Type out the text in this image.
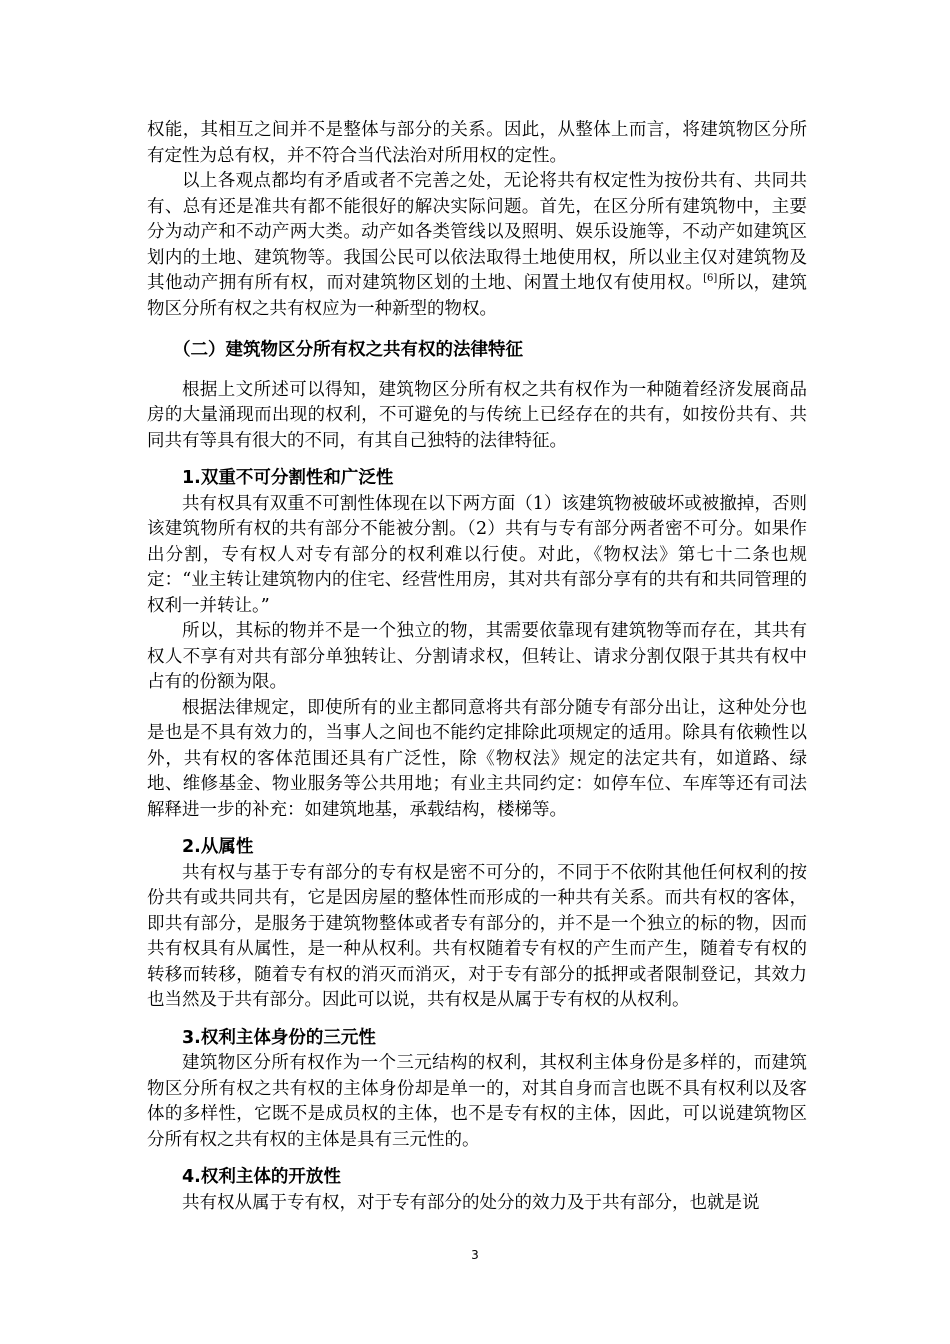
权能，其相互之间并不是整体与部分的关系。因此，从整体上而言，将建筑物区分所有定性为总有权，并不符合当代法治对所用权的定性。

以上各观点都均有矛盾或者不完善之处，无论将共有权定性为按份共有、共同共有、总有还是准共有都不能很好的解决实际问题。首先，在区分所有建筑物中，主要分为动产和不动产两大类。动产如各类管线以及照明、娱乐设施等，不动产如建筑区划内的土地、建筑物等。我国公民可以依法取得土地使用权，所以业主仅对建筑物及其他动产拥有所有权，而对建筑物区划的土地、闲置土地仅有使用权。[6]所以，建筑物区分所有权之共有权应为一种新型的物权。

（二）建筑物区分所有权之共有权的法律特征

根据上文所述可以得知，建筑物区分所有权之共有权作为一种随着经济发展商品房的大量涌现而出现的权利，不可避免的与传统上已经存在的共有，如按份共有、共同共有等具有很大的不同，有其自己独特的法律特征。

1.双重不可分割性和广泛性

共有权具有双重不可割性体现在以下两方面（1）该建筑物被破坏或被撤掉，否则该建筑物所有权的共有部分不能被分割。（2）共有与专有部分两者密不可分。如果作出分割，专有权人对专有部分的权利难以行使。对此，《物权法》第七十二条也规定：“业主转让建筑物内的住宅、经营性用房，其对共有部分享有的共有和共同管理的权利一并转让。”

所以，其标的物并不是一个独立的物，其需要依靠现有建筑物等而存在，其共有权人不享有对共有部分单独转让、分割请求权，但转让、请求分割仅限于其共有权中占有的份额为限。

根据法律规定，即使所有的业主都同意将共有部分随专有部分出让，这种处分也是也是不具有效力的，当事人之间也不能约定排除此项规定的适用。除具有依赖性以外，共有权的客体范围还具有广泛性，除《物权法》规定的法定共有，如道路、绿地、维修基金、物业服务等公共用地；有业主共同约定：如停车位、车库等还有司法解释进一步的补充：如建筑地基，承载结构，楼梯等。

2.从属性

共有权与基于专有部分的专有权是密不可分的，不同于不依附其他任何权利的按份共有或共同共有，它是因房屋的整体性而形成的一种共有关系。而共有权的客体，即共有部分，是服务于建筑物整体或者专有部分的，并不是一个独立的标的物，因而共有权具有从属性，是一种从权利。共有权随着专有权的产生而产生，随着专有权的转移而转移，随着专有权的消灭而消灭，对于专有部分的抵押或者限制登记，其效力也当然及于共有部分。因此可以说，共有权是从属于专有权的从权利。

3.权利主体身份的三元性

建筑物区分所有权作为一个三元结构的权利，其权利主体身份是多样的，而建筑物区分所有权之共有权的主体身份却是单一的，对其自身而言也既不具有权利以及客体的多样性，它既不是成员权的主体，也不是专有权的主体，因此，可以说建筑物区分所有权之共有权的主体是具有三元性的。

4.权利主体的开放性

共有权从属于专有权，对于专有部分的处分的效力及于共有部分，也就是说

3
